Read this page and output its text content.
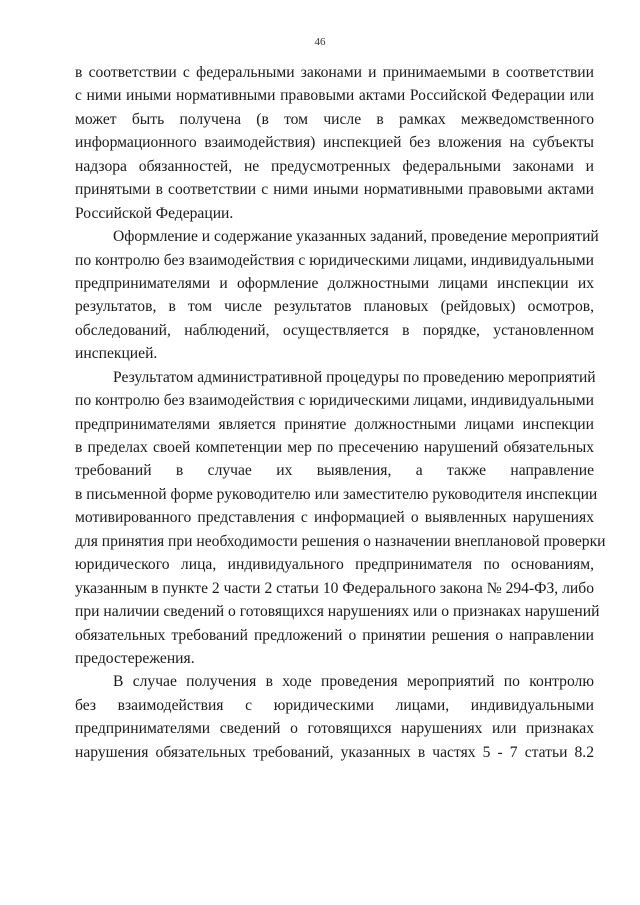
46
в соответствии с федеральными законами и принимаемыми в соответствии
с ними иными нормативными правовыми актами Российской Федерации или
может быть получена (в том числе в рамках межведомственного
информационного взаимодействия) инспекцией без вложения на субъекты
надзора обязанностей, не предусмотренных федеральными законами и
принятыми в соответствии с ними иными нормативными правовыми актами
Российской Федерации.
Оформление и содержание указанных заданий, проведение мероприятий
по контролю без взаимодействия с юридическими лицами, индивидуальными
предпринимателями и оформление должностными лицами инспекции их
результатов, в том числе результатов плановых (рейдовых) осмотров,
обследований, наблюдений, осуществляется в порядке, установленном
инспекцией.
Результатом административной процедуры по проведению мероприятий
по контролю без взаимодействия с юридическими лицами, индивидуальными
предпринимателями является принятие должностными лицами инспекции
в пределах своей компетенции мер по пресечению нарушений обязательных
требований в случае их выявления, а также направление
в письменной форме руководителю или заместителю руководителя инспекции
мотивированного представления с информацией о выявленных нарушениях
для принятия при необходимости решения о назначении внеплановой проверки
юридического лица, индивидуального предпринимателя по основаниям,
указанным в пункте 2 части 2 статьи 10 Федерального закона № 294-ФЗ, либо
при наличии сведений о готовящихся нарушениях или о признаках нарушений
обязательных требований предложений о принятии решения о направлении
предостережения.
В случае получения в ходе проведения мероприятий по контролю
без взаимодействия с юридическими лицами, индивидуальными
предпринимателями сведений о готовящихся нарушениях или признаках
нарушения обязательных требований, указанных в частях 5 - 7 статьи 8.2
